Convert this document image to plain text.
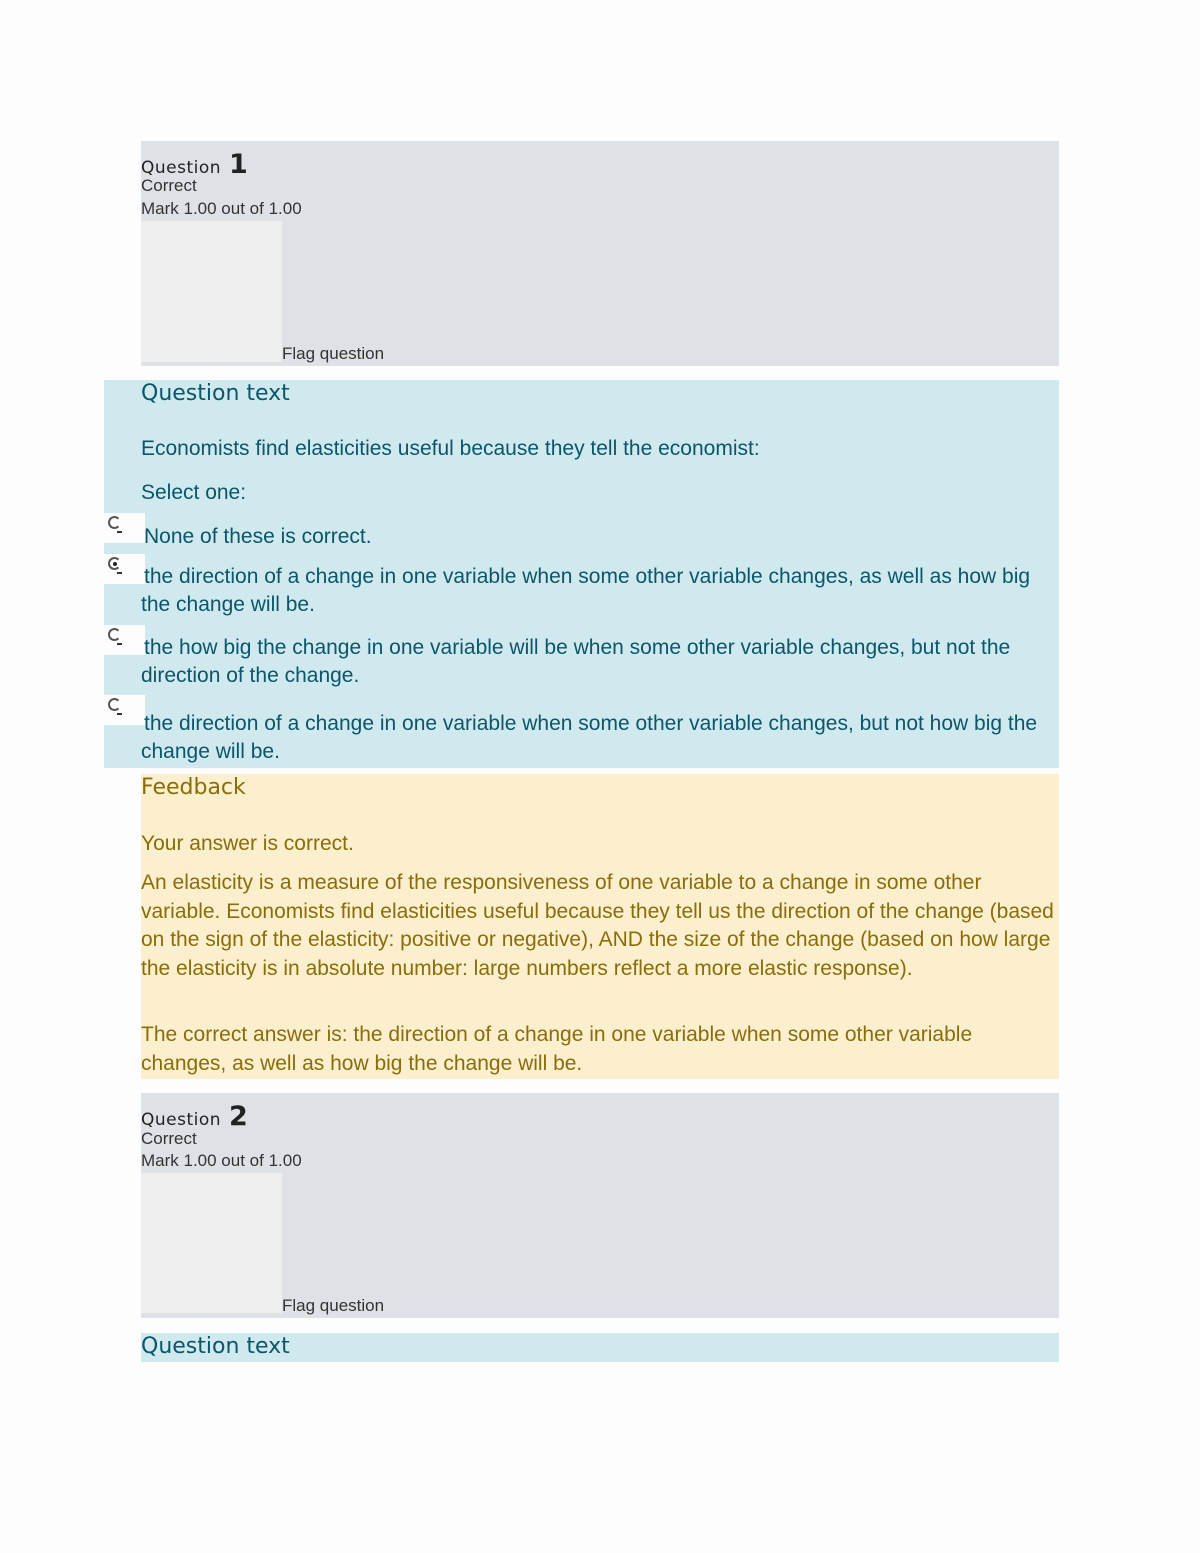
Question 1
Correct
Mark 1.00 out of 1.00
Flag question
Question text
Economists find elasticities useful because they tell the economist:
Select one:
None of these is correct.
the direction of a change in one variable when some other variable changes, as well as how big the change will be.
the how big the change in one variable will be when some other variable changes, but not the direction of the change.
the direction of a change in one variable when some other variable changes, but not how big the change will be.
Feedback

Your answer is correct.

An elasticity is a measure of the responsiveness of one variable to a change in some other variable. Economists find elasticities useful because they tell us the direction of the change (based on the sign of the elasticity: positive or negative), AND the size of the change (based on how large the elasticity is in absolute number: large numbers reflect a more elastic response).

The correct answer is: the direction of a change in one variable when some other variable changes, as well as how big the change will be.

Question 2
Correct
Mark 1.00 out of 1.00
Flag question
Question text
